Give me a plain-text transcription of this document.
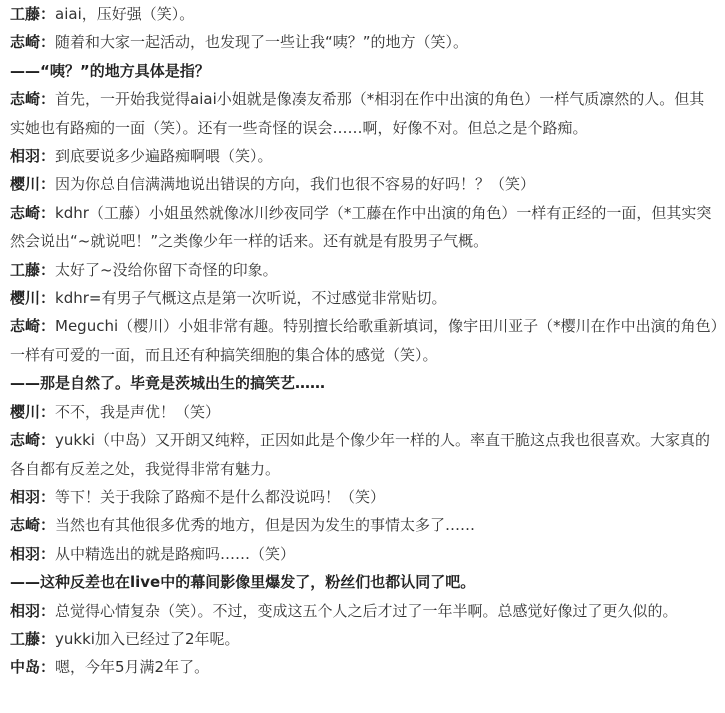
工藤：aiai，压好强（笑）。

志崎：随着和大家一起活动，也发现了一些让我“咦？”的地方（笑）。

——“咦？”的地方具体是指？

志崎：首先，一开始我觉得aiai小姐就是像凑友希那（*相羽在作中出演的角色）一样气质凛然的人。但其实她也有路痴的一面（笑）。还有一些奇怪的误会……啊，好像不对。但总之是个路痴。

相羽：到底要说多少遍路痴啊喂（笑）。

樱川：因为你总自信满满地说出错误的方向，我们也很不容易的好吗！？（笑）

志崎：kdhr（工藤）小姐虽然就像冰川纱夜同学（*工藤在作中出演的角色）一样有正经的一面，但其实突然会说出“~就说吧！”之类像少年一样的话来。还有就是有股男子气概。

工藤：太好了~没给你留下奇怪的印象。

樱川：kdhr=有男子气概这点是第一次听说，不过感觉非常贴切。

志崎：Meguchi（樱川）小姐非常有趣。特别擅长给歌重新填词，像宇田川亚子（*樱川在作中出演的角色）一样有可爱的一面，而且还有种搞笑细胞的集合体的感觉（笑）。

——那是自然了。毕竟是茨城出生的搞笑艺……

樱川：不不，我是声优！（笑）

志崎：yukki（中岛）又开朗又纯粹，正因如此是个像少年一样的人。率直干脆这点我也很喜欢。大家真的各自都有反差之处，我觉得非常有魅力。

相羽：等下！关于我除了路痴不是什么都没说吗！（笑）

志崎：当然也有其他很多优秀的地方，但是因为发生的事情太多了……

相羽：从中精选出的就是路痴吗……（笑）

——这种反差也在live中的幕间影像里爆发了，粉丝们也都认同了吧。

相羽：总觉得心情复杂（笑）。不过，变成这五个人之后才过了一年半啊。总感觉好像过了更久似的。

工藤：yukki加入已经过了2年呢。

中岛：嗯，今年5月满2年了。
